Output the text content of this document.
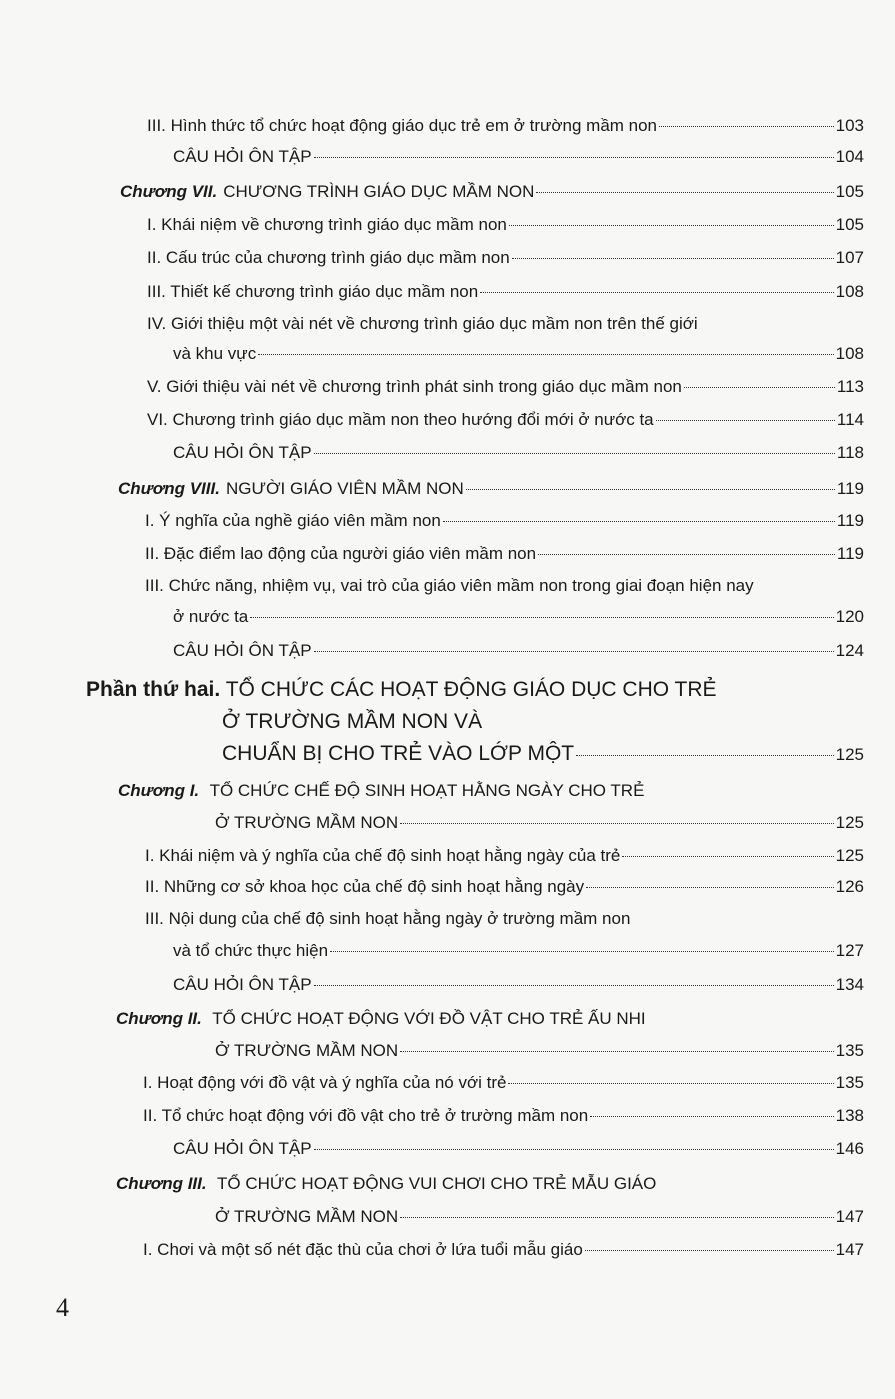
III. Hình thức tổ chức hoạt động giáo dục trẻ em ở trường mầm non	103
CÂU HỎI ÔN TẬP	104
Chương VII. CHƯƠNG TRÌNH GIÁO DỤC MẦM NON	105
I. Khái niệm về chương trình giáo dục mầm non	105
II. Cấu trúc của chương trình giáo dục mầm non	107
III. Thiết kế chương trình giáo dục mầm non	108
IV. Giới thiệu một vài nét về chương trình giáo dục mầm non trên thế giới
và khu vực	108
V. Giới thiệu vài nét về chương trình phát sinh trong giáo dục mầm non	113
VI. Chương trình giáo dục mầm non theo hướng đổi mới ở nước ta	114
CÂU HỎI ÔN TẬP	118
Chương VIII. NGƯỜI GIÁO VIÊN MẦM NON	119
I. Ý nghĩa của nghề giáo viên mầm non	119
II. Đặc điểm lao động của người giáo viên mầm non	119
III. Chức năng, nhiệm vụ, vai trò của giáo viên mầm non trong giai đoạn hiện nay
ở nước ta	120
CÂU HỎI ÔN TẬP	124
Phần thứ hai. TỔ CHỨC CÁC HOẠT ĐỘNG GIÁO DỤC CHO TRẺ
Ở TRƯỜNG MẦM NON VÀ
CHUẨN BỊ CHO TRẺ VÀO LỚP MỘT	125
Chương I. TỔ CHỨC CHẾ ĐỘ SINH HOẠT HẰNG NGÀY CHO TRẺ
Ở TRƯỜNG MẦM NON	125
I. Khái niệm và ý nghĩa của chế độ sinh hoạt hằng ngày của trẻ	125
II. Những cơ sở khoa học của chế độ sinh hoạt hằng ngày	126
III. Nội dung của chế độ sinh hoạt hằng ngày ở trường mầm non
và tổ chức thực hiện	127
CÂU HỎI ÔN TẬP	134
Chương II. TỔ CHỨC HOẠT ĐỘNG VỚI ĐỒ VẬT CHO TRẺ ẤU NHI
Ở TRƯỜNG MẦM NON	135
I. Hoạt động với đồ vật và ý nghĩa của nó với trẻ	135
II. Tổ chức hoạt động với đồ vật cho trẻ ở trường mầm non	138
CÂU HỎI ÔN TẬP	146
Chương III. TỔ CHỨC HOẠT ĐỘNG VUI CHƠI CHO TRẺ MẪU GIÁO
Ở TRƯỜNG MẦM NON	147
I. Chơi và một số nét đặc thù của chơi ở lứa tuổi mẫu giáo	147
4
